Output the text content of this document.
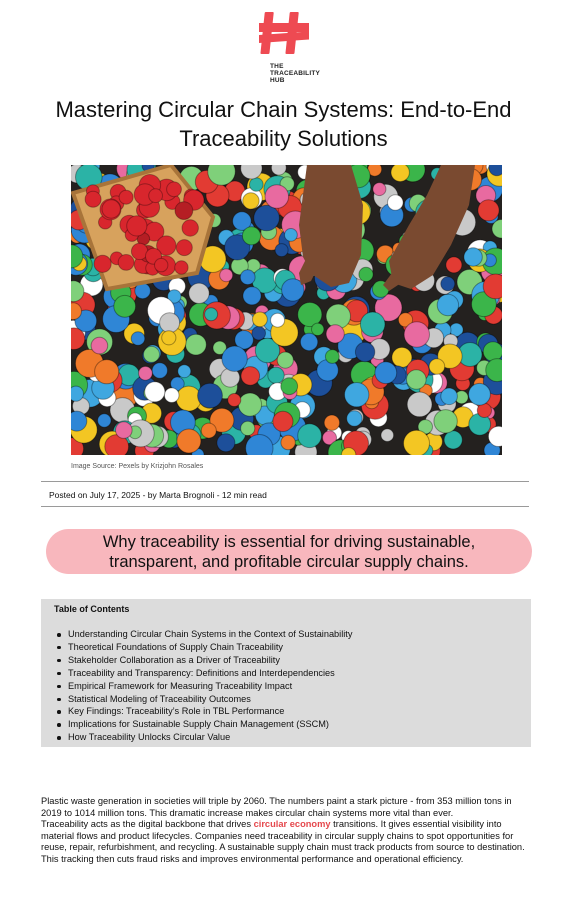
THE
TRACEABILITY
HUB
Mastering Circular Chain Systems: End-to-End Traceability Solutions
Image Source: Pexels by Krizjohn Rosales
Posted on July 17, 2025 - by Marta Brognoli - 12 min read
Why traceability is essential for driving sustainable,
transparent, and profitable circular supply chains.
Table of Contents
Understanding Circular Chain Systems in the Context of Sustainability
Theoretical Foundations of Supply Chain Traceability
Stakeholder Collaboration as a Driver of Traceability
Traceability and Transparency: Definitions and Interdependencies
Empirical Framework for Measuring Traceability Impact
Statistical Modeling of Traceability Outcomes
Key Findings: Traceability’s Role in TBL Performance
Implications for Sustainable Supply Chain Management (SSCM)
How Traceability Unlocks Circular Value

Plastic waste generation in societies will triple by 2060. The numbers paint a stark picture - from 353 million tons in 2019 to 1014 million tons. This dramatic increase makes circular chain systems more vital than ever.

Traceability acts as the digital backbone that drives circular economy transitions. It gives essential visibility into material flows and product lifecycles. Companies need traceability in circular supply chains to spot opportunities for reuse, repair, refurbishment, and recycling. A sustainable supply chain must track products from source to destination. This tracking then cuts fraud risks and improves environmental performance and operational efficiency.
